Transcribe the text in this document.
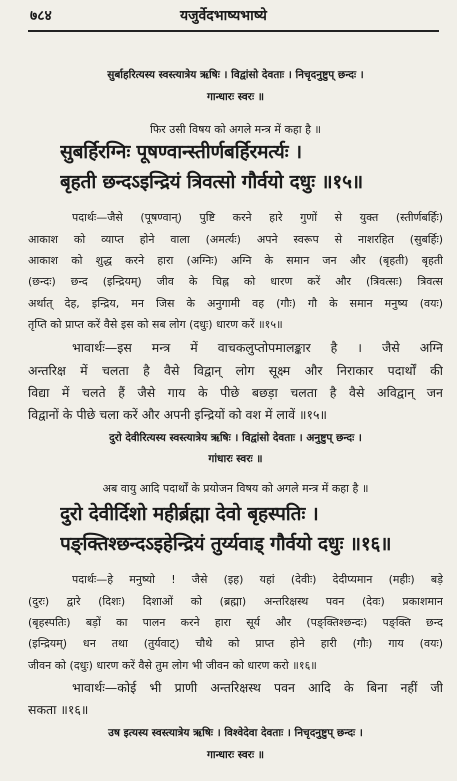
७८४	यजुर्वेदभाष्यभाष्ये
सुर्बाहरित्यस्य स्वस्त्यात्रेय ऋषिः । विद्वांसो देवताः । निचृदनुष्टुप् छन्दः ।
गान्धारः स्वरः ॥
फिर उसी विषय को अगले मन्त्र में कहा है ॥
सुबर्हिरग्निः पूषण्वान्स्तीर्णबर्हिरमर्त्यः ।
बृहती छन्दऽइन्द्रियं त्रिवत्सो गौर्वयो दधुः ॥१५॥
पदार्थः—जैसे (पूषण्वान्) पुष्टि करने हारे गुणों से युक्त (स्तीर्णबर्हिः)
आकाश को व्याप्त होने वाला (अमर्त्यः) अपने स्वरूप से नाशरहित (सुबर्हिः)
आकाश को शुद्ध करने हारा (अग्निः) अग्नि के समान जन और (बृहती) बृहती
(छन्दः) छन्द (इन्द्रियम्) जीव के चिह्न को धारण करें और (त्रिवत्सः) त्रिवत्स
अर्थात् देह, इन्द्रिय, मन जिस के अनुगामी वह (गौः) गौ के समान मनुष्य (वयः)
तृप्ति को प्राप्त करें वैसे इस को सब लोग (दधुः) धारण करें ॥१५॥
भावार्थः—इस मन्त्र में वाचकलुप्तोपमालङ्कार है । जैसे अग्नि
अन्तरिक्ष में चलता है वैसे विद्वान् लोग सूक्ष्म और निराकार पदार्थों की
विद्या में चलते हैं जैसे गाय के पीछे बछड़ा चलता है वैसे अविद्वान् जन
विद्वानों के पीछे चला करें और अपनी इन्द्रियों को वश में लावें ॥१५॥
दुरो देवीरित्यस्य स्वस्त्यात्रेय ऋषिः । विद्वांसो देवताः । अनुष्टुप् छन्दः ।
गांधारः स्वरः ॥
अब वायु आदि पदार्थों के प्रयोजन विषय को अगले मन्त्र में कहा है ॥
दुरो देवीर्दिशो महीर्ब्रह्मा देवो बृहस्पतिः ।
पङ्क्तिश्छन्दऽइहेन्द्रियं तुर्य्यवाड् गौर्वयो दधुः ॥१६॥
पदार्थः—हे मनुष्यो ! जैसे (इह) यहां (देवीः) देदीप्यमान (महीः) बड़े
(दुरः) द्वारे (दिशः) दिशाओं को (ब्रह्मा) अन्तरिक्षस्थ पवन (देवः) प्रकाशमान
(बृहस्पतिः) बड़ों का पालन करने हारा सूर्य और (पङ्क्तिश्छन्दः) पङ्क्ति छन्द
(इन्द्रियम्) धन तथा (तुर्यवाट्) चौथे को प्राप्त होने हारी (गौः) गाय (वयः)
जीवन को (दधुः) धारण करें वैसे तुम लोग भी जीवन को धारण करो ॥१६॥
भावार्थः—कोई भी प्राणी अन्तरिक्षस्थ पवन आदि के बिना नहीं जी
सकता ॥१६॥
उष इत्यस्य स्वस्त्यात्रेय ऋषिः । विश्वेदेवा देवताः । निचृदनुष्टुप् छन्दः ।
गान्धारः स्वरः ॥
